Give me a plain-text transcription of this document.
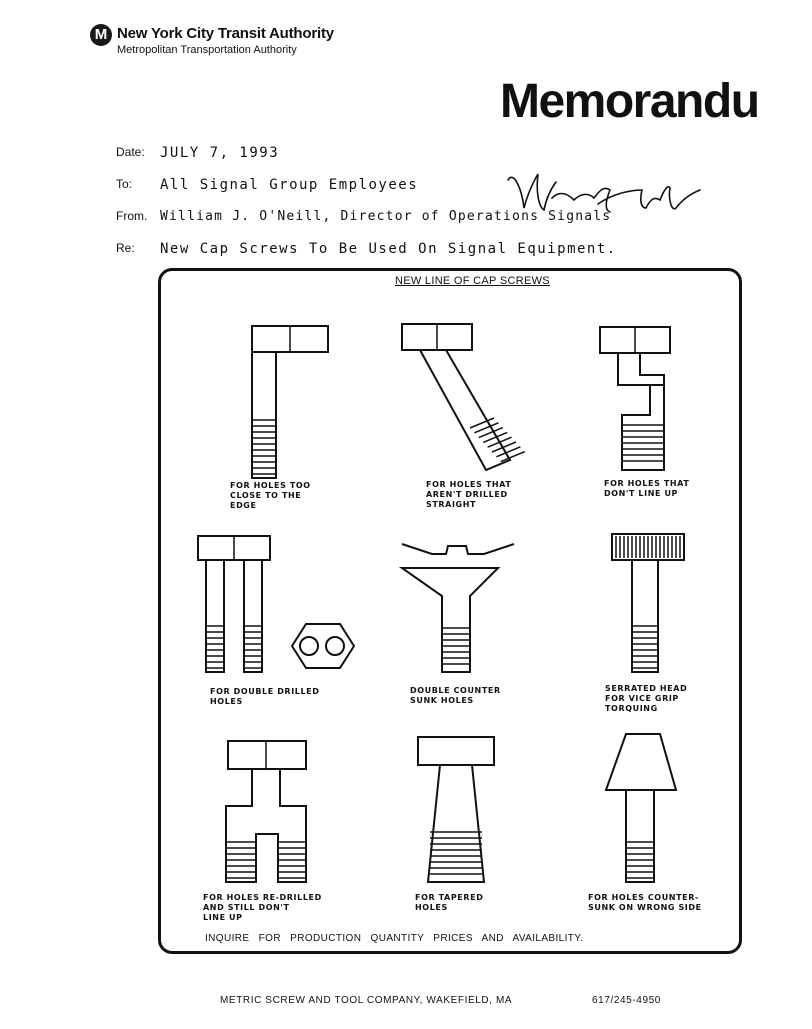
M New York City Transit Authority
Metropolitan Transportation Authority
Memorandu
Date: JULY 7, 1993
To: All Signal Group Employees
From. William J. O'Neill, Director of Operations Signals
Re: New Cap Screws To Be Used On Signal Equipment.
NEW LINE OF CAP SCREWS
FOR HOLES TOO
CLOSE TO THE
EDGE
FOR HOLES THAT
AREN'T DRILLED
STRAIGHT
FOR HOLES THAT
DON'T LINE UP
FOR DOUBLE DRILLED
HOLES
DOUBLE COUNTER
SUNK HOLES
SERRATED HEAD
FOR VICE GRIP
TORQUING
FOR HOLES RE-DRILLED
AND STILL DON'T
LINE UP
FOR TAPERED
HOLES
FOR HOLES COUNTER-
SUNK ON WRONG SIDE
INQUIRE FOR PRODUCTION QUANTITY PRICES AND AVAILABILITY.
METRIC SCREW AND TOOL COMPANY, WAKEFIELD, MA	617/245-4950
